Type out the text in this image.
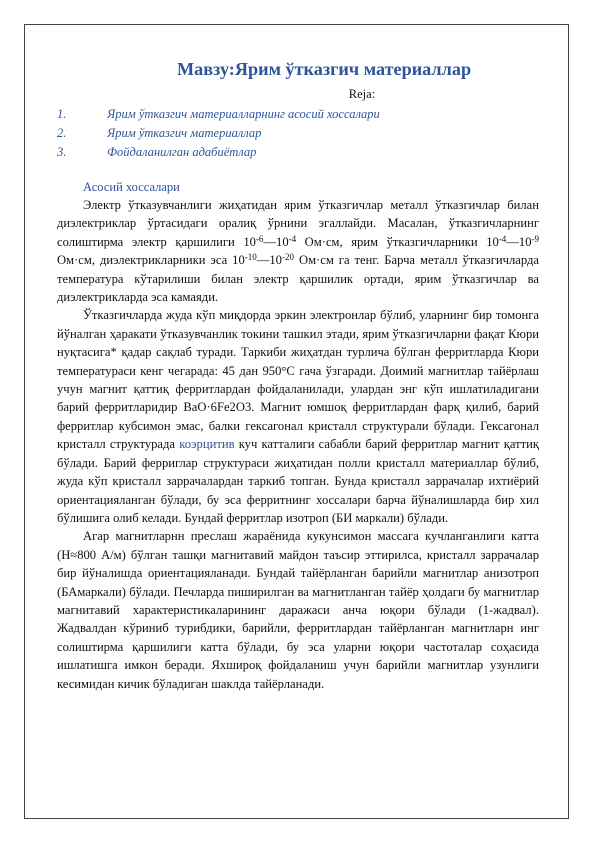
Мавзу:Ярим ўтказгич материаллар
Reja:
1.	Ярим ўтказгич материалларнинг асосий хоссалари
2.	Ярим ўтказгич материаллар
3.	Фойдаланилган адабиётлар
Асосий хоссалари

Электр ўтказувчанлиги жиҳатидан ярим ўтказгичлар металл ўтказгичлар билан диэлектриклар ўртасидаги оралиқ ўрнини эгаллайди. Масалан, ўтказгичларнинг солиштирма электр қаршилиги $10^{-6}—10^{-4}$ Ом·см, ярим ўтказгичларники $10^{-4}—10^{-9}$ Ом·см, диэлектрикларники эса $10^{-10}—10^{-20}$ Ом·см га тенг. Барча металл ўтказгичларда температура кўтарилиши билан электр қаршилик ортади, ярим ўтказгичлар ва диэлектрикларда эса камаяди.

Ўтказгичларда жуда кўп миқдорда эркин электронлар бўлиб, уларнинг бир томонга йўналган ҳаракати ўтказувчанлик токини ташкил этади, ярим ўтказгичларни фақат Кюри нуқтасига* қадар сақлаб туради. Таркиби жиҳатдан турлича бўлган ферритларда Кюри температураси кенг чегарада: 45 дан 950°С гача ўзгаради. Доимий магнитлар тайёрлаш учун магнит қаттиқ ферритлардан фойдаланилади, улардан энг кўп ишлатиладигани барий ферритларидир ВаО·6Fe2O3. Магнит юмшоқ ферритлардан фарқ қилиб, барий ферритлар кубсимон эмас, балки гексагонал кристалл структурали бўлади. Гексагонал кристалл структурада коэрцитив куч катталиги сабабли барий ферритлар магнит қаттиқ бўлади. Барий ферриглар структураси жиҳатидан полли кристалл материаллар бўлиб, жуда кўп кристалл заррачалардан таркиб топган. Бунда кристалл заррачалар ихтиёрий ориентацияланган бўлади, бу эса ферритнинг хоссалари барча йўналишларда бир хил бўлишига олиб келади. Бундай ферритлар изотроп (БИ маркали) бўлади.

Агар магнитларнн преслаш жараёнида кукунсимон массага кучланганлиги катта (Н≈800 А/м) бўлган ташқи магнитавий майдон таъсир эттирилса, кристалл заррачалар бир йўналишда ориентацияланади. Бундай тайёрланган барийли магнитлар анизотроп (БАмаркали) бўлади. Печларда пиширилган ва магнитланган тайёр ҳолдаги бу магнитлар магнитавий характеристикаларининг даражаси анча юқори бўлади (1-жадвал). Жадвалдан кўриниб турибдики, барийли, ферритлардан тайёрланган магнитларн инг солиштирма қаршилиги катта бўлади, бу эса уларни юқори частоталар соҳасида ишлатишга имкон беради. Яхшироқ фойдаланиш учун барийли магнитлар узунлиги кесимидан кичик бўладиган шаклда тайёрланади.
